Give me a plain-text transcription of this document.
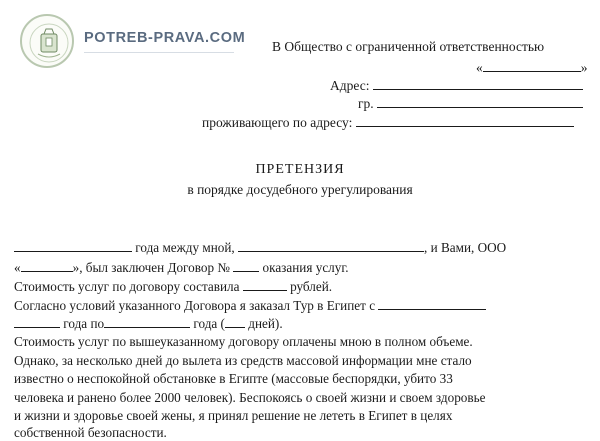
POTREB-PRAVA.COM
В Общество с ограниченной ответственностью
«	»
Адрес:
гр.
проживающего по адресу:
ПРЕТЕНЗИЯ
в порядке досудебного урегулирования
года между мной,	, и Вами, ООО
«	», был заключен Договор № оказания услуг.
Стоимость услуг по договору составила	рублей.
Согласно условий указанного Договора я заказал Тур в Египет с
года по	года ( дней).
Стоимость услуг по вышеуказанному договору оплачены мною в полном объеме.
Однако, за несколько дней до вылета из средств массовой информации мне стало
известно о неспокойной обстановке в Египте (массовые беспорядки, убито 33
человека и ранено более 2000 человек). Беспокоясь о своей жизни и своем здоровье
и жизни и здоровье своей жены, я принял решение не лететь в Египет в целях
собственной безопасности.
